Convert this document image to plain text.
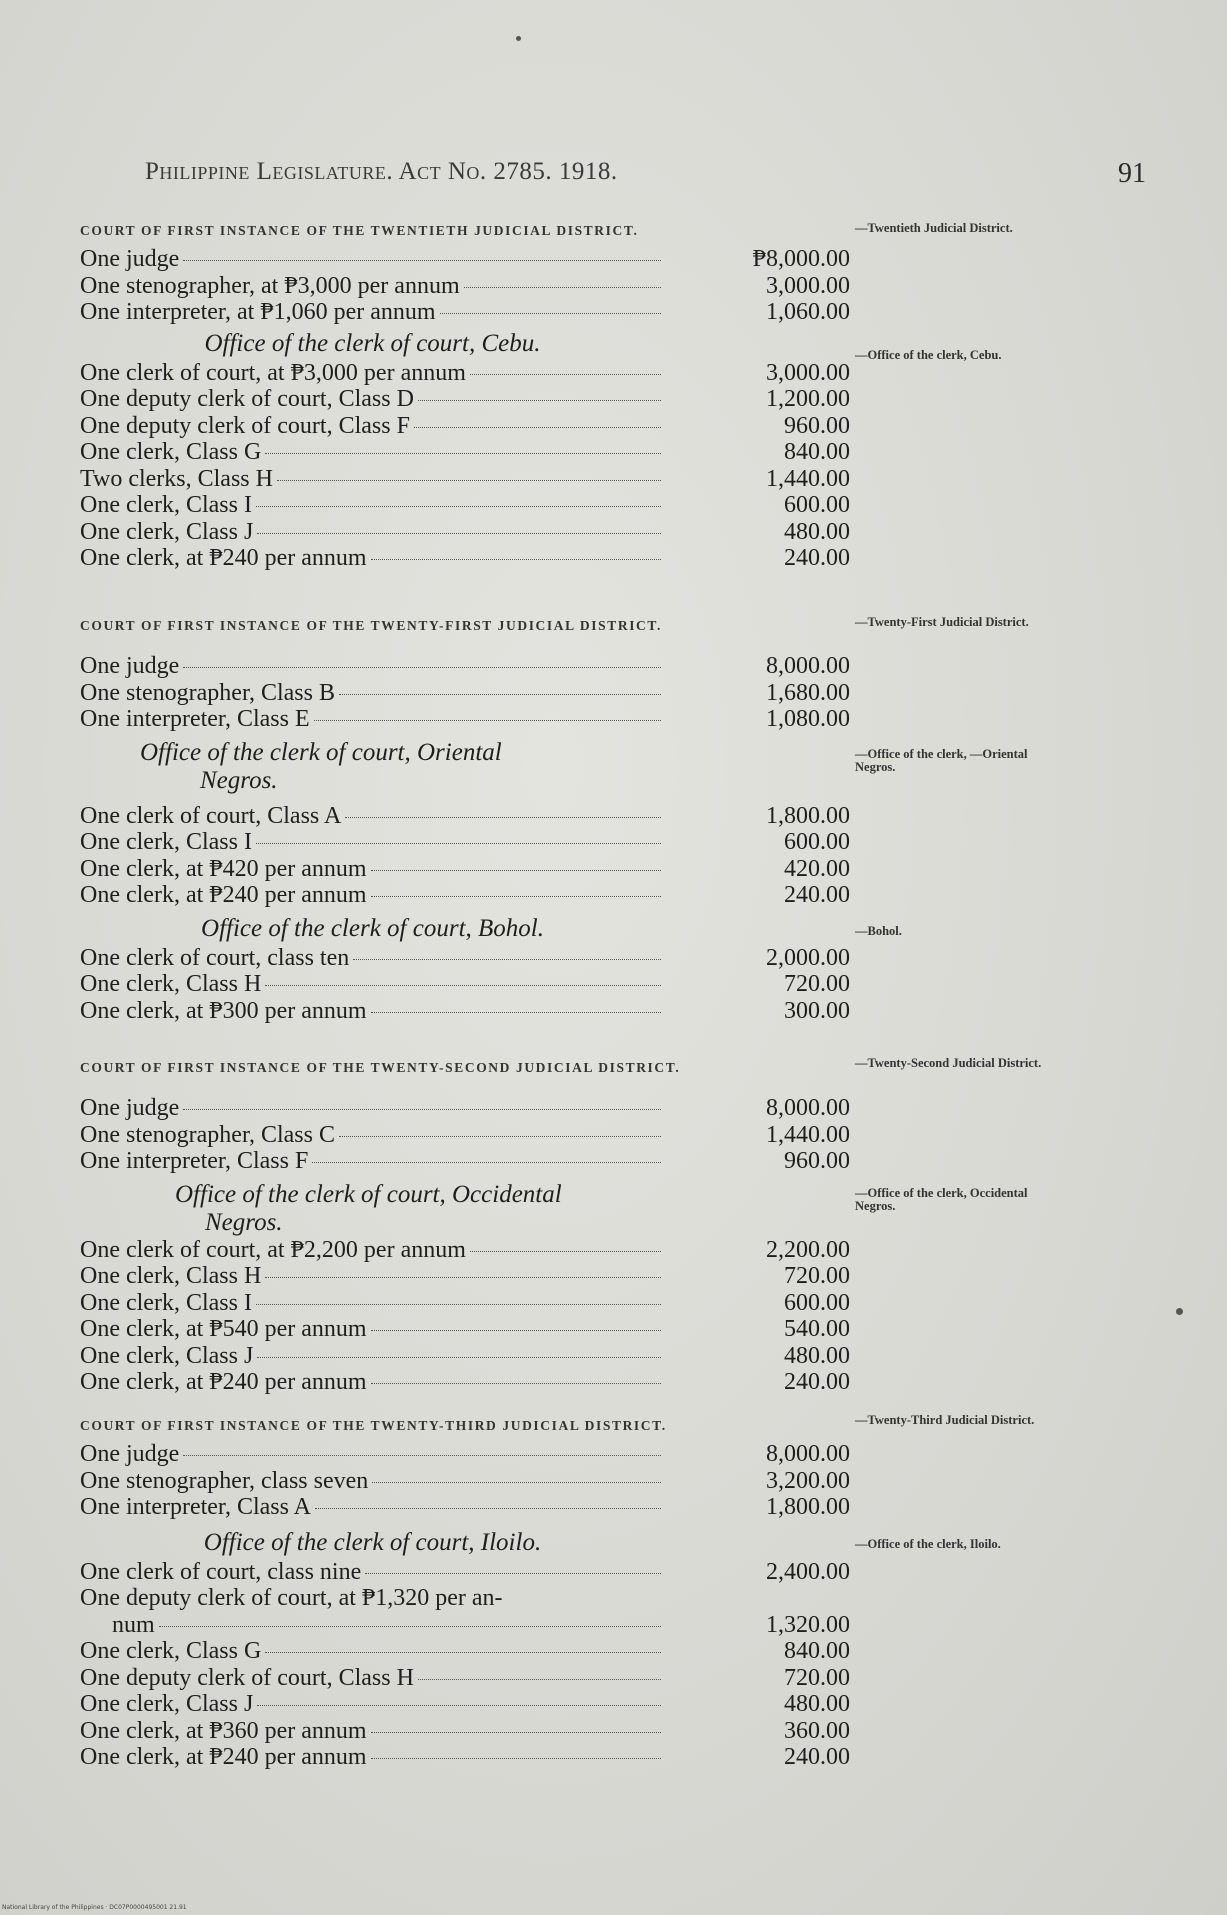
Philippine Legislature. Act No. 2785. 1918.	91
COURT OF FIRST INSTANCE OF THE TWENTIETH JUDICIAL DISTRICT.
One judge	₱8,000.00
One stenographer, at ₱3,000 per annum	3,000.00
One interpreter, at ₱1,060 per annum	1,060.00
Office of the clerk of court, Cebu.
One clerk of court, at ₱3,000 per annum	3,000.00
One deputy clerk of court, Class D	1,200.00
One deputy clerk of court, Class F	960.00
One clerk, Class G	840.00
Two clerks, Class H	1,440.00
One clerk, Class I	600.00
One clerk, Class J	480.00
One clerk, at ₱240 per annum	240.00
—Twentieth Judicial District.
—Office of the clerk, Cebu.
COURT OF FIRST INSTANCE OF THE TWENTY-FIRST JUDICIAL DISTRICT.
One judge	8,000.00
One stenographer, Class B	1,680.00
One interpreter, Class E	1,080.00
Office of the clerk of court, Oriental
Negros.
One clerk of court, Class A	1,800.00
One clerk, Class I	600.00
One clerk, at ₱420 per annum	420.00
One clerk, at ₱240 per annum	240.00
Office of the clerk of court, Bohol.
One clerk of court, class ten	2,000.00
One clerk, Class H	720.00
One clerk, at ₱300 per annum	300.00
—Twenty-First Judicial District.
—Office of the clerk, —Oriental Negros.
—Bohol.
COURT OF FIRST INSTANCE OF THE TWENTY-SECOND JUDICIAL DISTRICT.
One judge	8,000.00
One stenographer, Class C	1,440.00
One interpreter, Class F	960.00
Office of the clerk of court, Occidental
Negros.
One clerk of court, at ₱2,200 per annum	2,200.00
One clerk, Class H	720.00
One clerk, Class I	600.00
One clerk, at ₱540 per annum	540.00
One clerk, Class J	480.00
One clerk, at ₱240 per annum	240.00
—Twenty-Second Judicial District.
—Office of the clerk, Occidental Negros.
COURT OF FIRST INSTANCE OF THE TWENTY-THIRD JUDICIAL DISTRICT.
One judge	8,000.00
One stenographer, class seven	3,200.00
One interpreter, Class A	1,800.00
Office of the clerk of court, Iloilo.
One clerk of court, class nine	2,400.00
One deputy clerk of court, at ₱1,320 per an-
num	1,320.00
One clerk, Class G	840.00
One deputy clerk of court, Class H	720.00
One clerk, Class J	480.00
One clerk, at ₱360 per annum	360.00
One clerk, at ₱240 per annum	240.00
—Twenty-Third Judicial District.
—Office of the clerk, Iloilo.
National Library of the Philippines · DC07P0000495001 21.91
